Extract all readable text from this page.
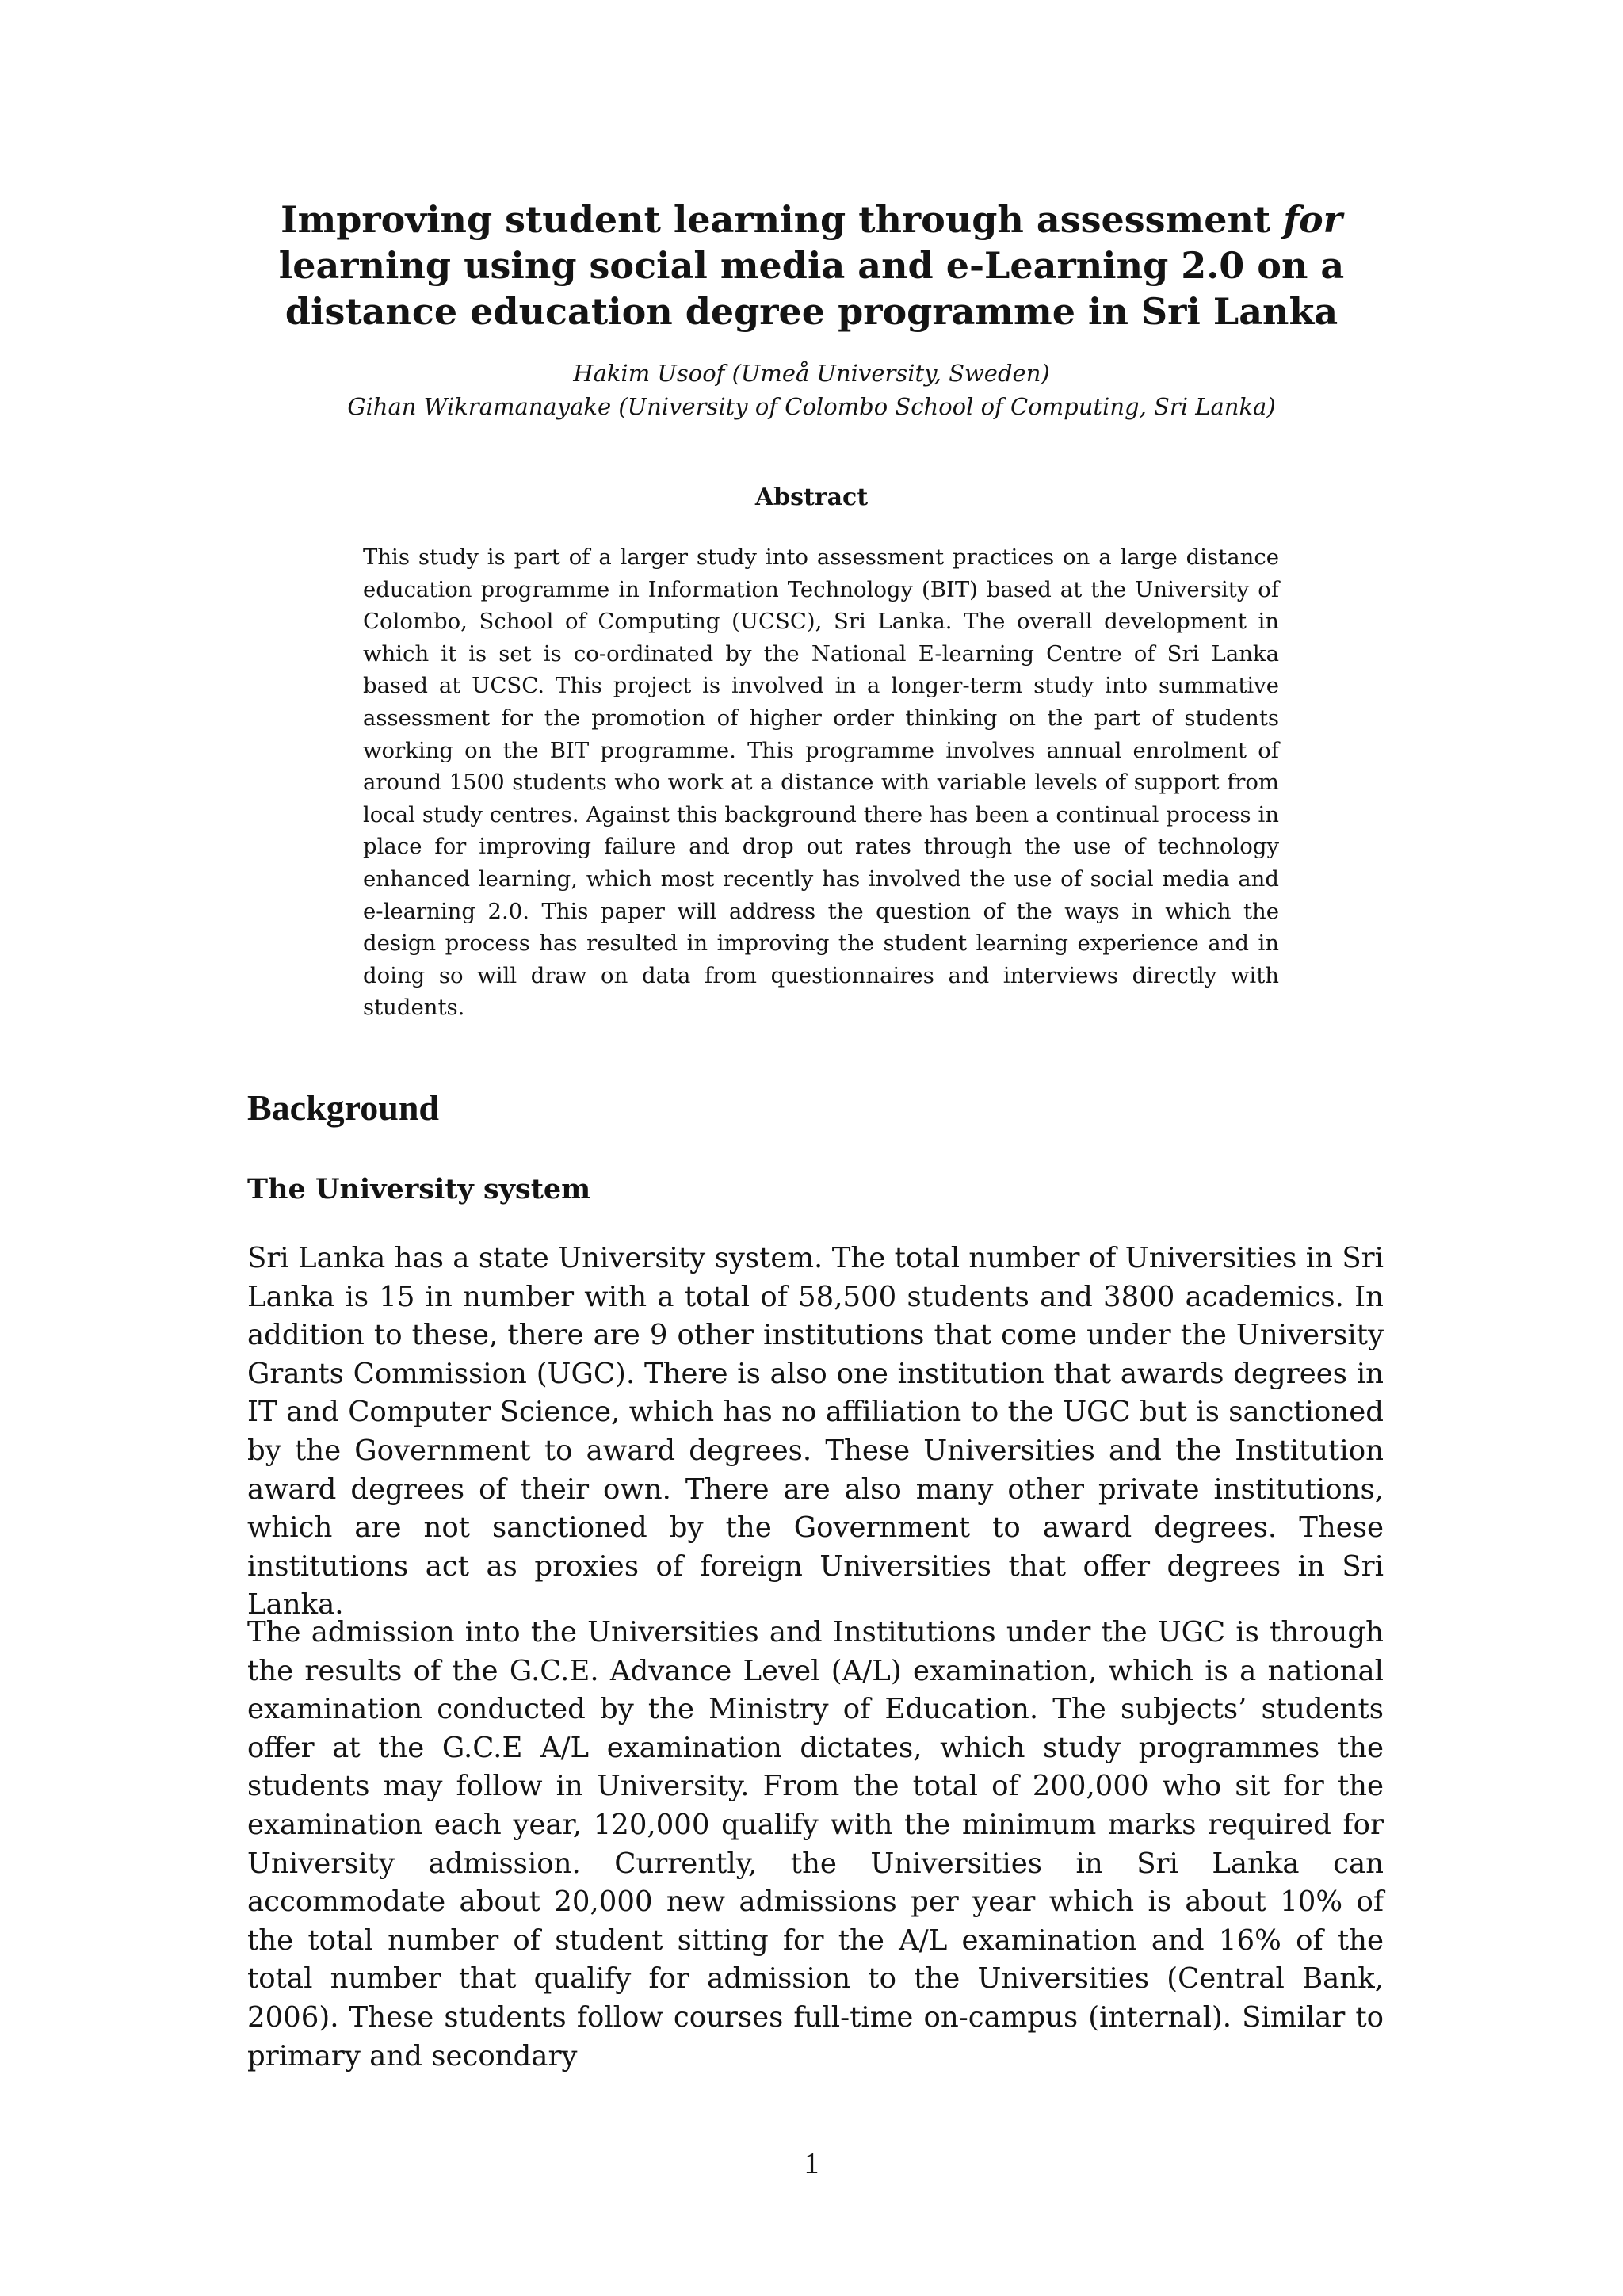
Improving student learning through assessment for learning using social media and e-Learning 2.0 on a distance education degree programme in Sri Lanka
Hakim Usoof (Umeå University, Sweden)
Gihan Wikramanayake (University of Colombo School of Computing, Sri Lanka)
Abstract

This study is part of a larger study into assessment practices on a large distance education programme in Information Technology (BIT) based at the University of Colombo, School of Computing (UCSC), Sri Lanka. The overall development in which it is set is co-ordinated by the National E-learning Centre of Sri Lanka based at UCSC. This project is involved in a longer-term study into summative assessment for the promotion of higher order thinking on the part of students working on the BIT programme. This programme involves annual enrolment of around 1500 students who work at a distance with variable levels of support from local study centres. Against this background there has been a continual process in place for improving failure and drop out rates through the use of technology enhanced learning, which most recently has involved the use of social media and e-learning 2.0. This paper will address the question of the ways in which the design process has resulted in improving the student learning experience and in doing so will draw on data from questionnaires and interviews directly with students.

Background
The University system

Sri Lanka has a state University system. The total number of Universities in Sri Lanka is 15 in number with a total of 58,500 students and 3800 academics. In addition to these, there are 9 other institutions that come under the University Grants Commission (UGC). There is also one institution that awards degrees in IT and Computer Science, which has no affiliation to the UGC but is sanctioned by the Government to award degrees. These Universities and the Institution award degrees of their own. There are also many other private institutions, which are not sanctioned by the Government to award degrees. These institutions act as proxies of foreign Universities that offer degrees in Sri Lanka.

The admission into the Universities and Institutions under the UGC is through the results of the G.C.E. Advance Level (A/L) examination, which is a national examination conducted by the Ministry of Education. The subjects’ students offer at the G.C.E A/L examination dictates, which study programmes the students may follow in University. From the total of 200,000 who sit for the examination each year, 120,000 qualify with the minimum marks required for University admission. Currently, the Universities in Sri Lanka can accommodate about 20,000 new admissions per year which is about 10% of the total number of student sitting for the A/L examination and 16% of the total number that qualify for admission to the Universities (Central Bank, 2006). These students follow courses full-time on-campus (internal). Similar to primary and secondary

1
